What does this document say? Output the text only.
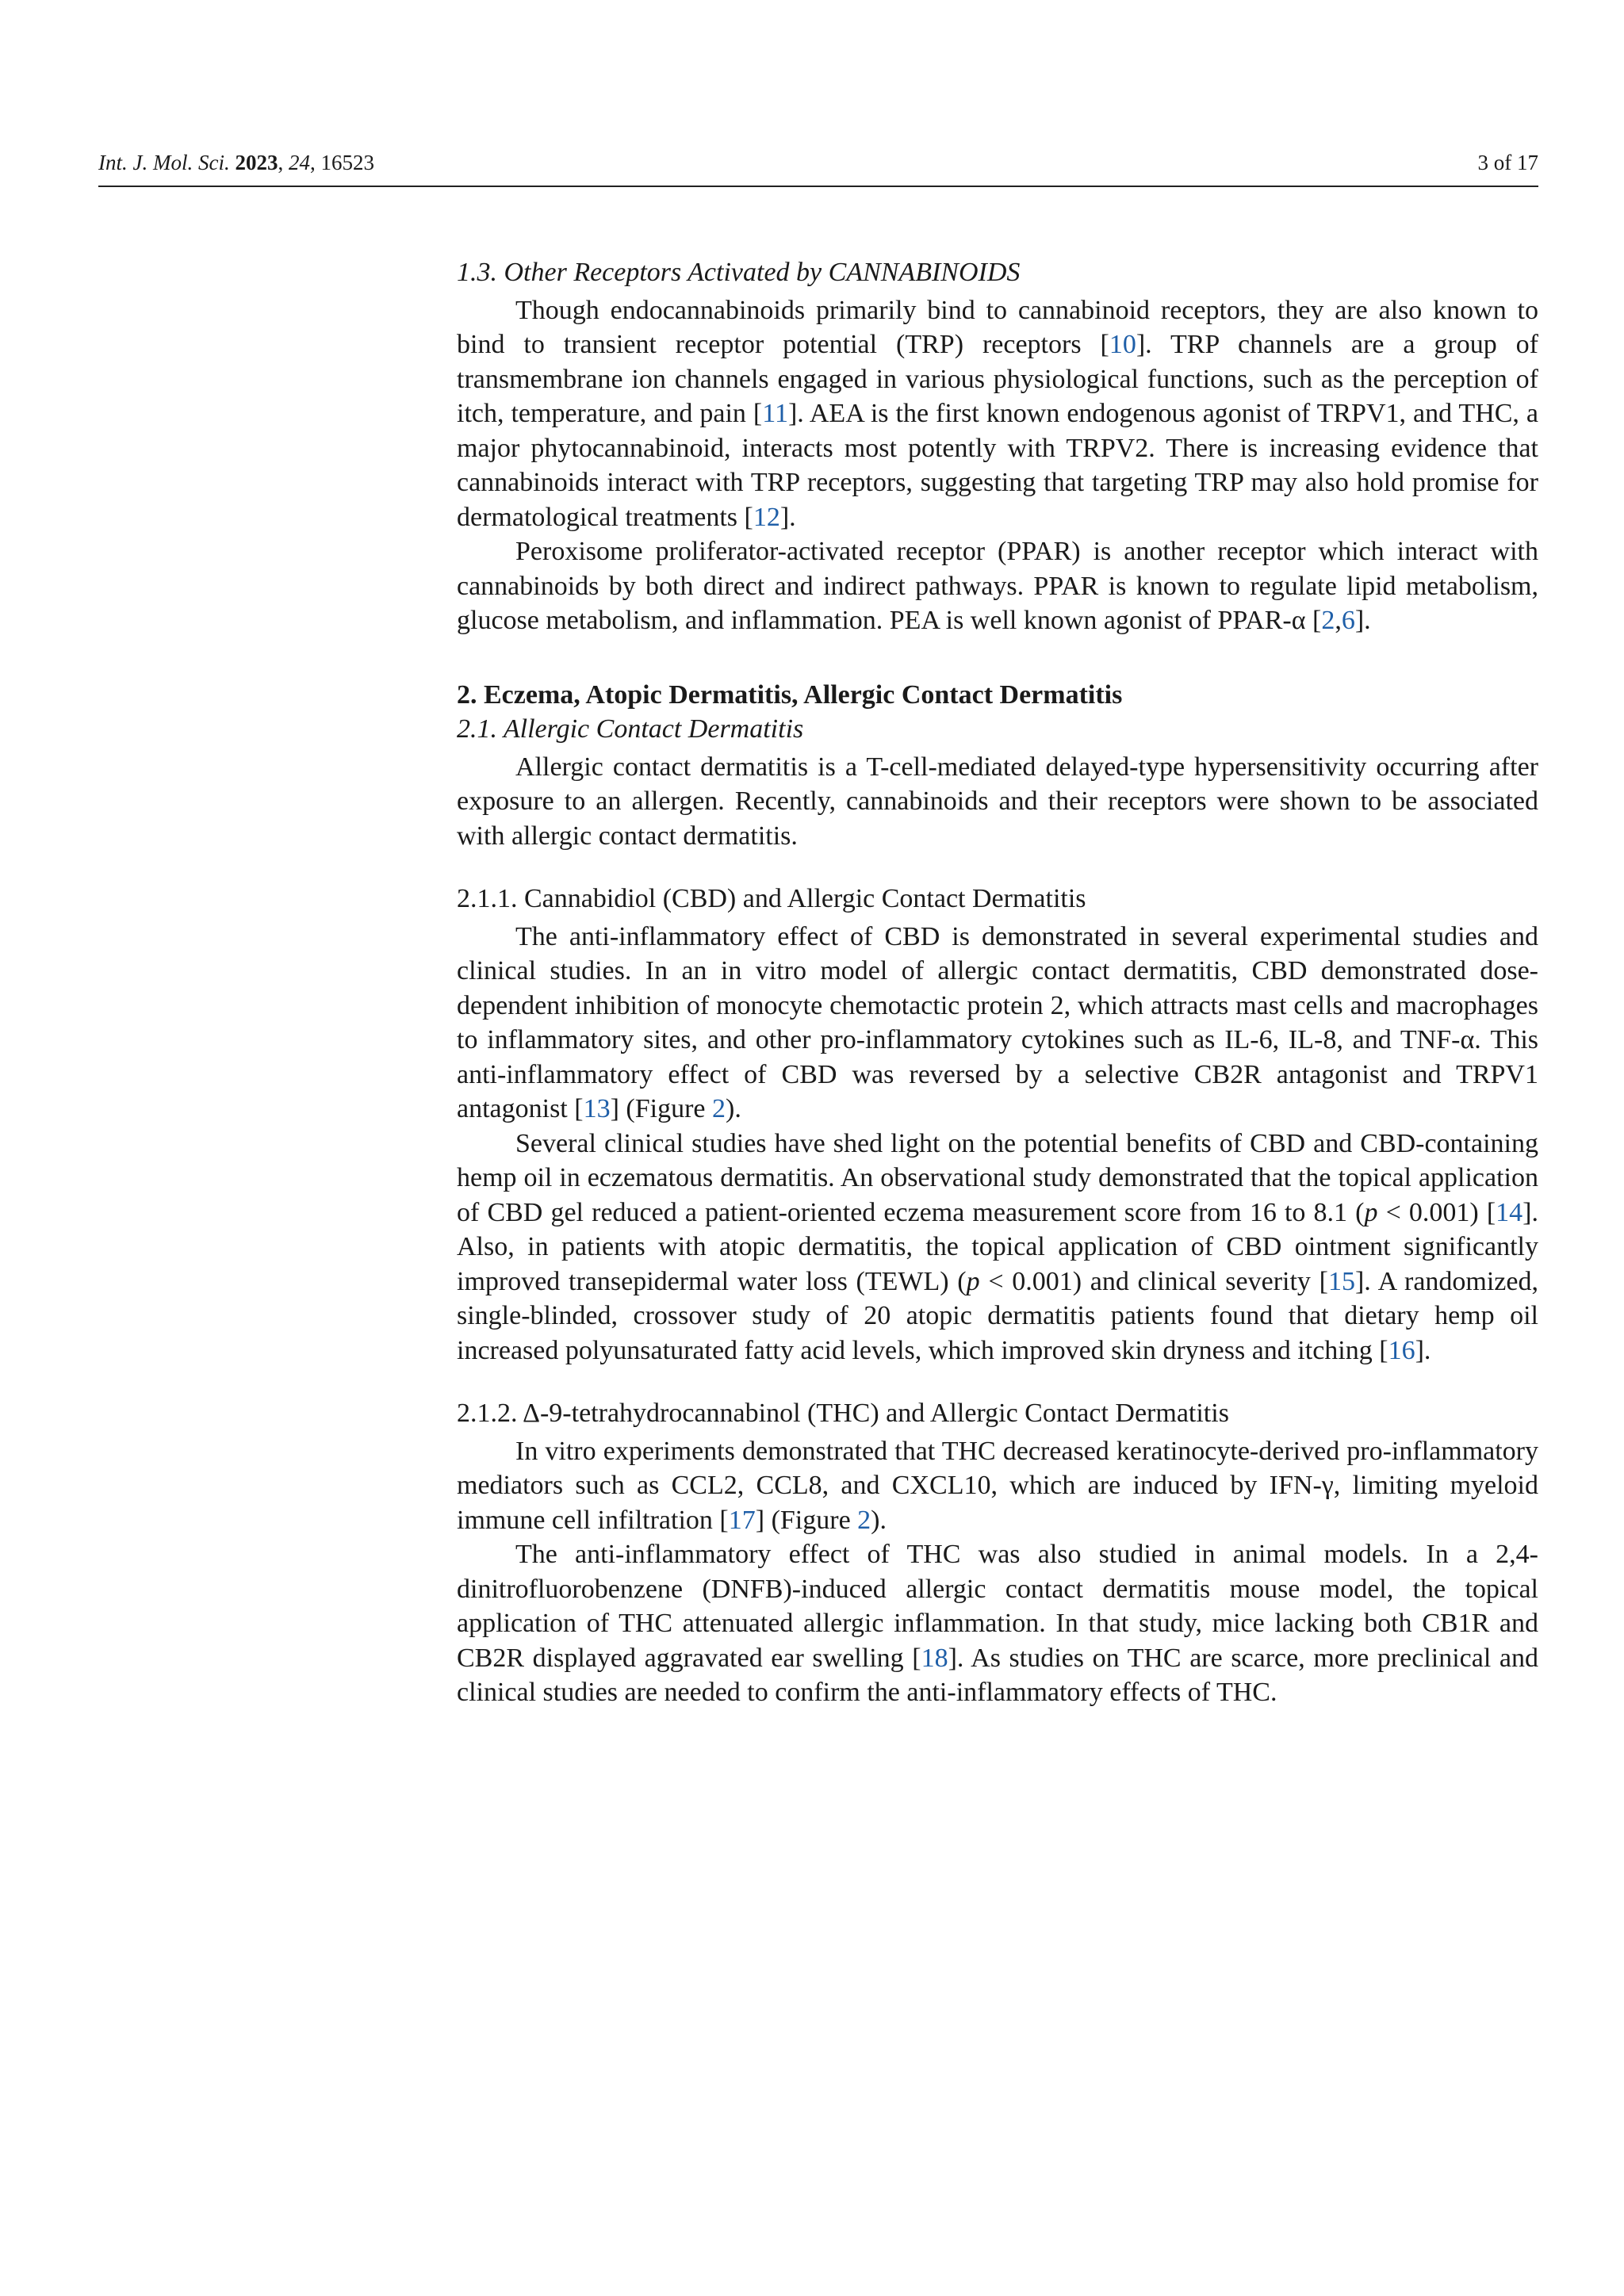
Int. J. Mol. Sci. 2023, 24, 16523	3 of 17
1.3. Other Receptors Activated by CANNABINOIDS

Though endocannabinoids primarily bind to cannabinoid receptors, they are also known to bind to transient receptor potential (TRP) receptors [10]. TRP channels are a group of transmembrane ion channels engaged in various physiological functions, such as the perception of itch, temperature, and pain [11]. AEA is the first known endogenous agonist of TRPV1, and THC, a major phytocannabinoid, interacts most potently with TRPV2. There is increasing evidence that cannabinoids interact with TRP receptors, suggesting that targeting TRP may also hold promise for dermatological treatments [12].

Peroxisome proliferator-activated receptor (PPAR) is another receptor which interact with cannabinoids by both direct and indirect pathways. PPAR is known to regulate lipid metabolism, glucose metabolism, and inflammation. PEA is well known agonist of PPAR-α [2,6].

2. Eczema, Atopic Dermatitis, Allergic Contact Dermatitis
2.1. Allergic Contact Dermatitis

Allergic contact dermatitis is a T-cell-mediated delayed-type hypersensitivity occurring after exposure to an allergen. Recently, cannabinoids and their receptors were shown to be associated with allergic contact dermatitis.

2.1.1. Cannabidiol (CBD) and Allergic Contact Dermatitis

The anti-inflammatory effect of CBD is demonstrated in several experimental studies and clinical studies. In an in vitro model of allergic contact dermatitis, CBD demonstrated dose-dependent inhibition of monocyte chemotactic protein 2, which attracts mast cells and macrophages to inflammatory sites, and other pro-inflammatory cytokines such as IL-6, IL-8, and TNF-α. This anti-inflammatory effect of CBD was reversed by a selective CB2R antagonist and TRPV1 antagonist [13] (Figure 2).

Several clinical studies have shed light on the potential benefits of CBD and CBD-containing hemp oil in eczematous dermatitis. An observational study demonstrated that the topical application of CBD gel reduced a patient-oriented eczema measurement score from 16 to 8.1 (p < 0.001) [14]. Also, in patients with atopic dermatitis, the topical application of CBD ointment significantly improved transepidermal water loss (TEWL) (p < 0.001) and clinical severity [15]. A randomized, single-blinded, crossover study of 20 atopic dermatitis patients found that dietary hemp oil increased polyunsaturated fatty acid levels, which improved skin dryness and itching [16].

2.1.2. Δ-9-tetrahydrocannabinol (THC) and Allergic Contact Dermatitis

In vitro experiments demonstrated that THC decreased keratinocyte-derived pro-inflammatory mediators such as CCL2, CCL8, and CXCL10, which are induced by IFN-γ, limiting myeloid immune cell infiltration [17] (Figure 2).

The anti-inflammatory effect of THC was also studied in animal models. In a 2,4-dinitrofluorobenzene (DNFB)-induced allergic contact dermatitis mouse model, the topical application of THC attenuated allergic inflammation. In that study, mice lacking both CB1R and CB2R displayed aggravated ear swelling [18]. As studies on THC are scarce, more preclinical and clinical studies are needed to confirm the anti-inflammatory effects of THC.
